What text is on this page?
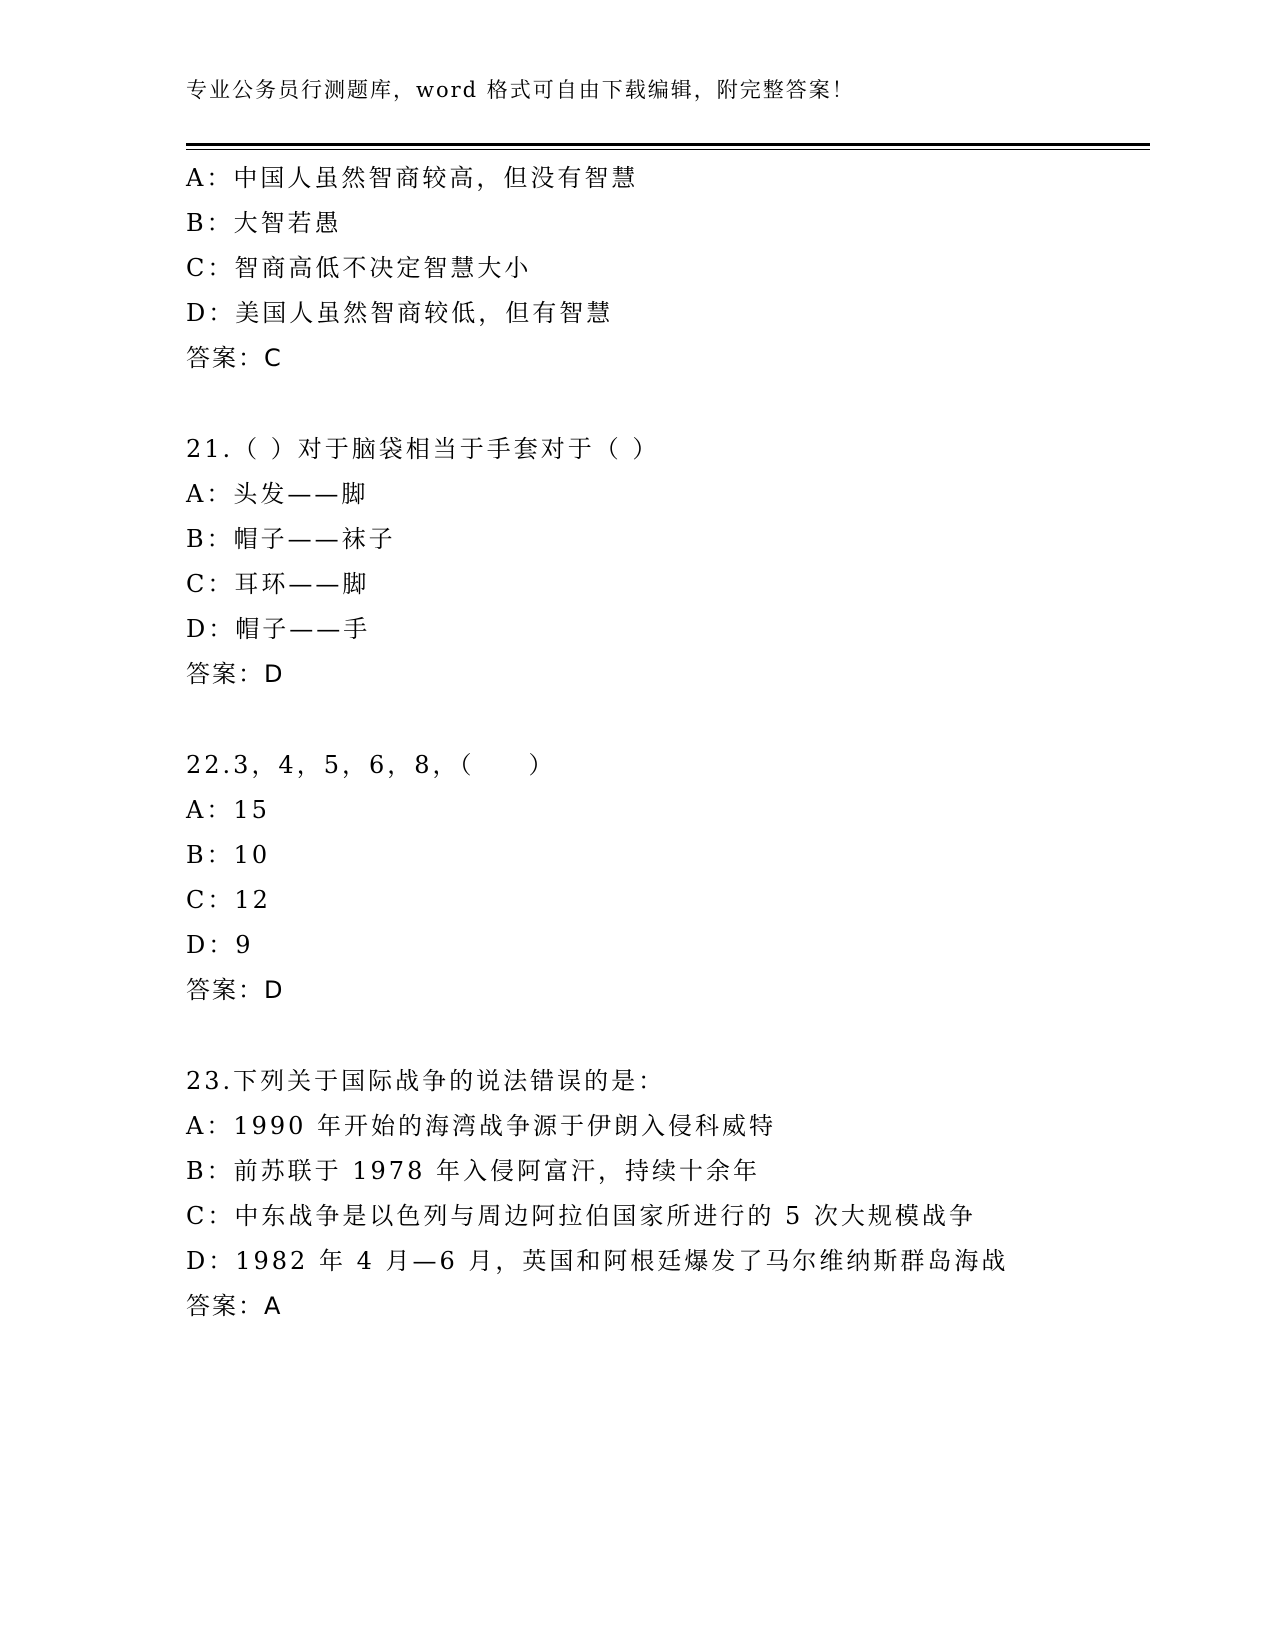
专业公务员行测题库，word 格式可自由下载编辑，附完整答案！
A：中国人虽然智商较高，但没有智慧
B：大智若愚
C：智商高低不决定智慧大小
D：美国人虽然智商较低，但有智慧
答案：C
21.（ ）对于脑袋相当于手套对于（ ）
A：头发——脚
B：帽子——袜子
C：耳环——脚
D：帽子——手
答案：D
22.3，4，5，6，8，（　　）
A：15
B：10
C：12
D：9
答案：D
23.下列关于国际战争的说法错误的是：
A：1990 年开始的海湾战争源于伊朗入侵科威特
B：前苏联于 1978 年入侵阿富汗，持续十余年
C：中东战争是以色列与周边阿拉伯国家所进行的 5 次大规模战争
D：1982 年 4 月—6 月，英国和阿根廷爆发了马尔维纳斯群岛海战
答案：A
